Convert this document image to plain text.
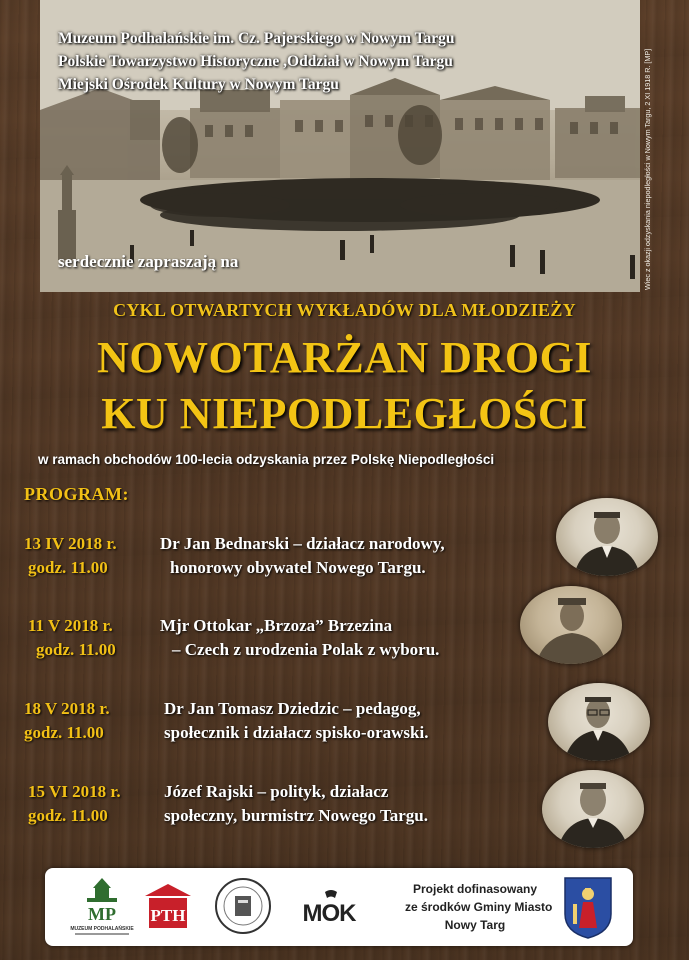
Muzeum Podhalańskie im. Cz. Pajerskiego w Nowym Targu
Polskie Towarzystwo Historyczne ,Oddział w Nowym Targu
Miejski Ośrodek Kultury w Nowym Targu	Wiec z okazji odzyskania niepodległości w Nowym Targu, 2 XI 1918 R. [MP]
serdecznie zapraszają na
CYKL OTWARTYCH WYKŁADÓW DLA MŁODZIEŻY
NOWOTARŻAN DROGI
KU NIEPODLEGŁOŚCI
w ramach obchodów 100-lecia odzyskania przez Polskę Niepodległości
PROGRAM:
13 IV 2018 r.
godz. 11.00
Dr Jan Bednarski – działacz narodowy,
honorowy obywatel Nowego Targu.
11 V 2018 r.
godz. 11.00
Mjr Ottokar „Brzoza” Brzezina
– Czech z urodzenia Polak z wyboru.
18 V 2018 r.
godz. 11.00
Dr Jan Tomasz Dziedzic – pedagog,
społecznik i działacz spisko-orawski.
15 VI 2018 r.
godz. 11.00
Józef Rajski – polityk, działacz
społeczny, burmistrz Nowego Targu.
MP
MUZEUM PODHALAŃSKIE
PTH	MOK
Projekt dofinasowany
ze środków Gminy Miasto
Nowy Targ
